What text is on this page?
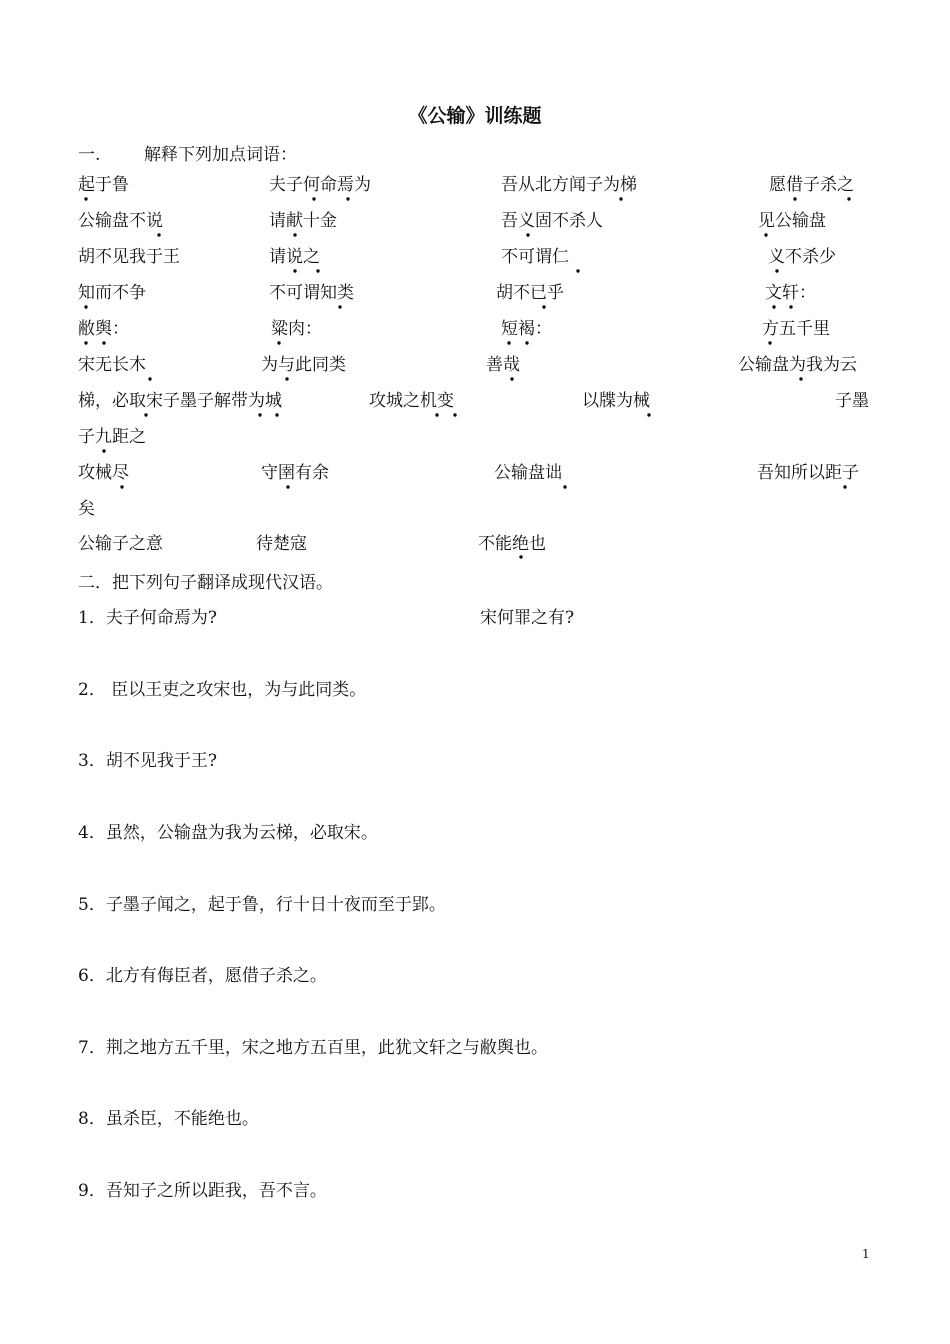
《公输》训练题
一.	解释下列加点词语：
起于鲁	夫子何命焉为	吾从北方闻子为梯	愿借子杀之
公输盘不说	请献十金	吾义固不杀人	见公输盘
胡不见我于王	请说之	不可谓仁	义不杀少
知而不争	不可谓知类	胡不已乎	文轩：
敝舆：	粱肉：	短褐：	方五千里
宋无长木	为与此同类	善哉	公输盘为我为云
梯，必取宋子墨子解带为城	攻城之机变	以牒为械	子墨
子九距之
攻械尽	守圉有余	公输盘诎	吾知所以距子
矣
公输子之意	待楚寇	不能绝也
二．把下列句子翻译成现代汉语。
1．夫子何命焉为?	宋何罪之有?
2． 臣以王吏之攻宋也，为与此同类。
3．胡不见我于王?
4．虽然，公输盘为我为云梯，必取宋。
5．子墨子闻之，起于鲁，行十日十夜而至于郢。
6．北方有侮臣者，愿借子杀之。
7．荆之地方五千里，宋之地方五百里，此犹文轩之与敝舆也。
8．虽杀臣，不能绝也。
9．吾知子之所以距我，吾不言。
1
